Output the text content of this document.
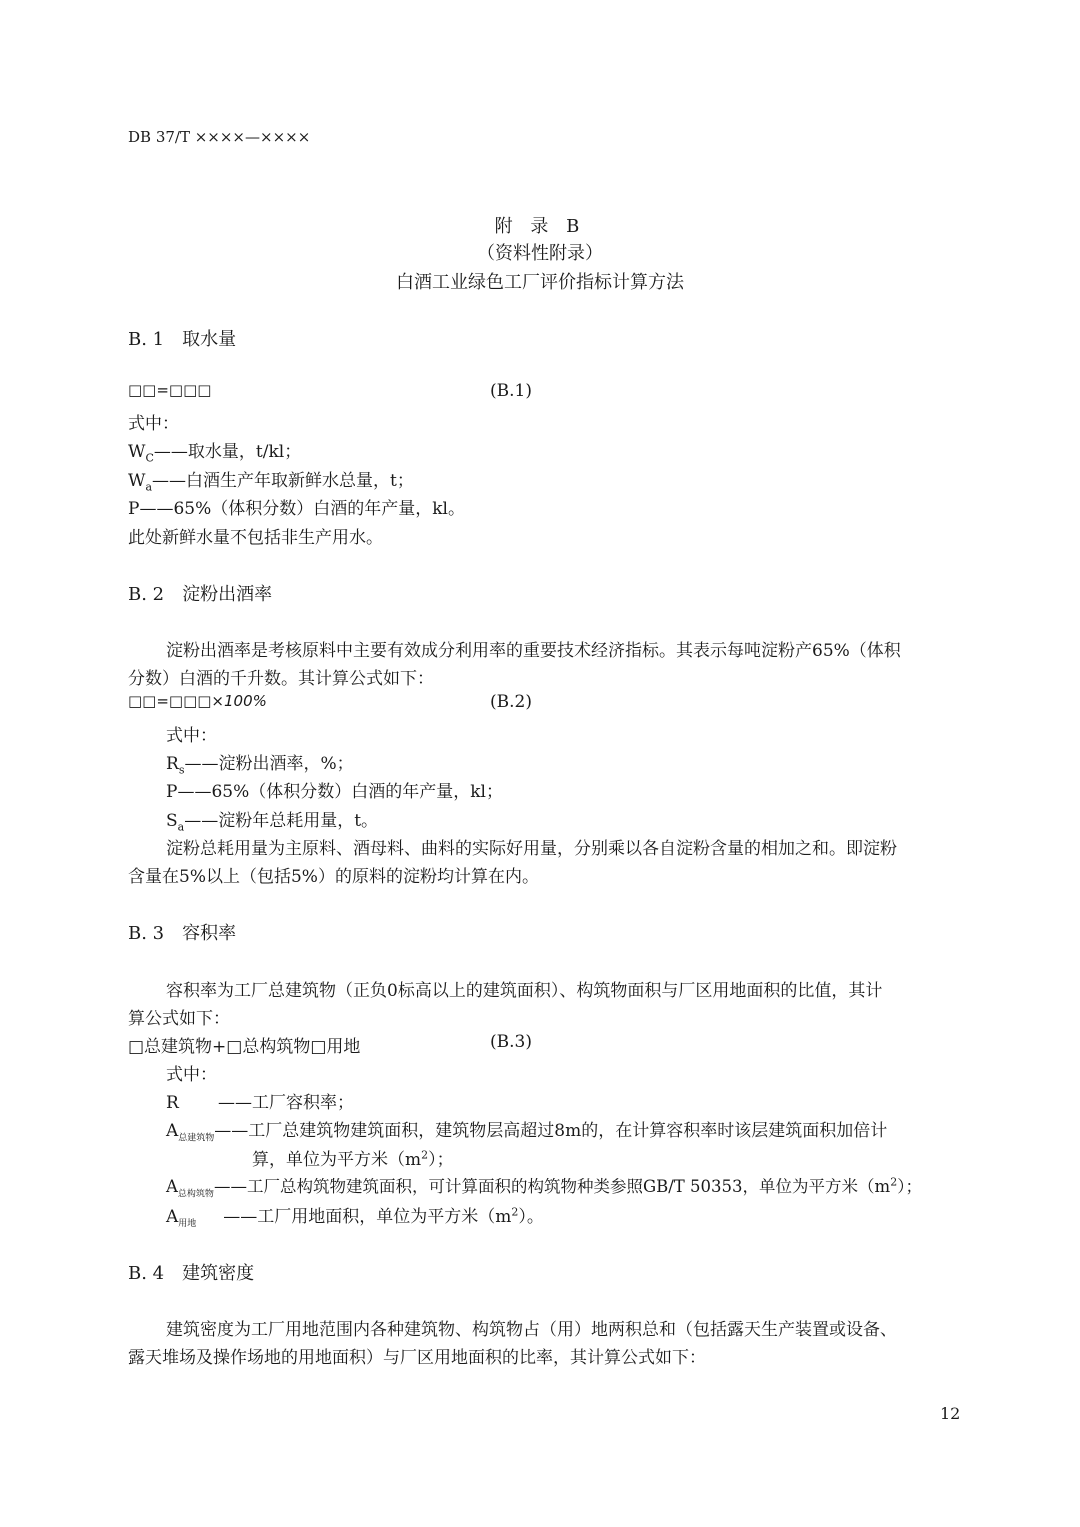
DB 37/T ××××—××××
附 录 B
（资料性附录）
白酒工业绿色工厂评价指标计算方法
B. 1　取水量
□□=□□□	(B.1)
式中：
$W_C——$取水量，t/kl；
$W_a——$白酒生产年取新鲜水总量，t；
P——65%（体积分数）白酒的年产量，kl。
此处新鲜水量不包括非生产用水。
B. 2　淀粉出酒率
淀粉出酒率是考核原料中主要有效成分利用率的重要技术经济指标。其表示每吨淀粉产65%（体积
分数）白酒的千升数。其计算公式如下：
□□=□□□×100%	(B.2)
式中：
$R_s——$淀粉出酒率，%；
P——65%（体积分数）白酒的年产量，kl；
$S_a——$淀粉年总耗用量，t。
淀粉总耗用量为主原料、酒母料、曲料的实际好用量，分别乘以各自淀粉含量的相加之和。即淀粉
含量在5%以上（包括5%）的原料的淀粉均计算在内。
B. 3　容积率
容积率为工厂总建筑物（正负0标高以上的建筑面积）、构筑物面积与厂区用地面积的比值，其计
算公式如下：
□总建筑物+□总构筑物□用地	(B.3)
式中：
R ——工厂容积率；
$A_{总建筑物}——$工厂总建筑物建筑面积，建筑物层高超过8m的，在计算容积率时该层建筑面积加倍计
算，单位为平方米$(m^2)$；
$A_{总构筑物}——$工厂总构筑物建筑面积，可计算面积的构筑物种类参照GB/T 50353，单位为平方米$(m^2)$；
$A_{用地}$ ——工厂用地面积，单位为平方米$(m^2)$。
B. 4　建筑密度
建筑密度为工厂用地范围内各种建筑物、构筑物占（用）地两积总和（包括露天生产装置或设备、
露天堆场及操作场地的用地面积）与厂区用地面积的比率，其计算公式如下：
12
